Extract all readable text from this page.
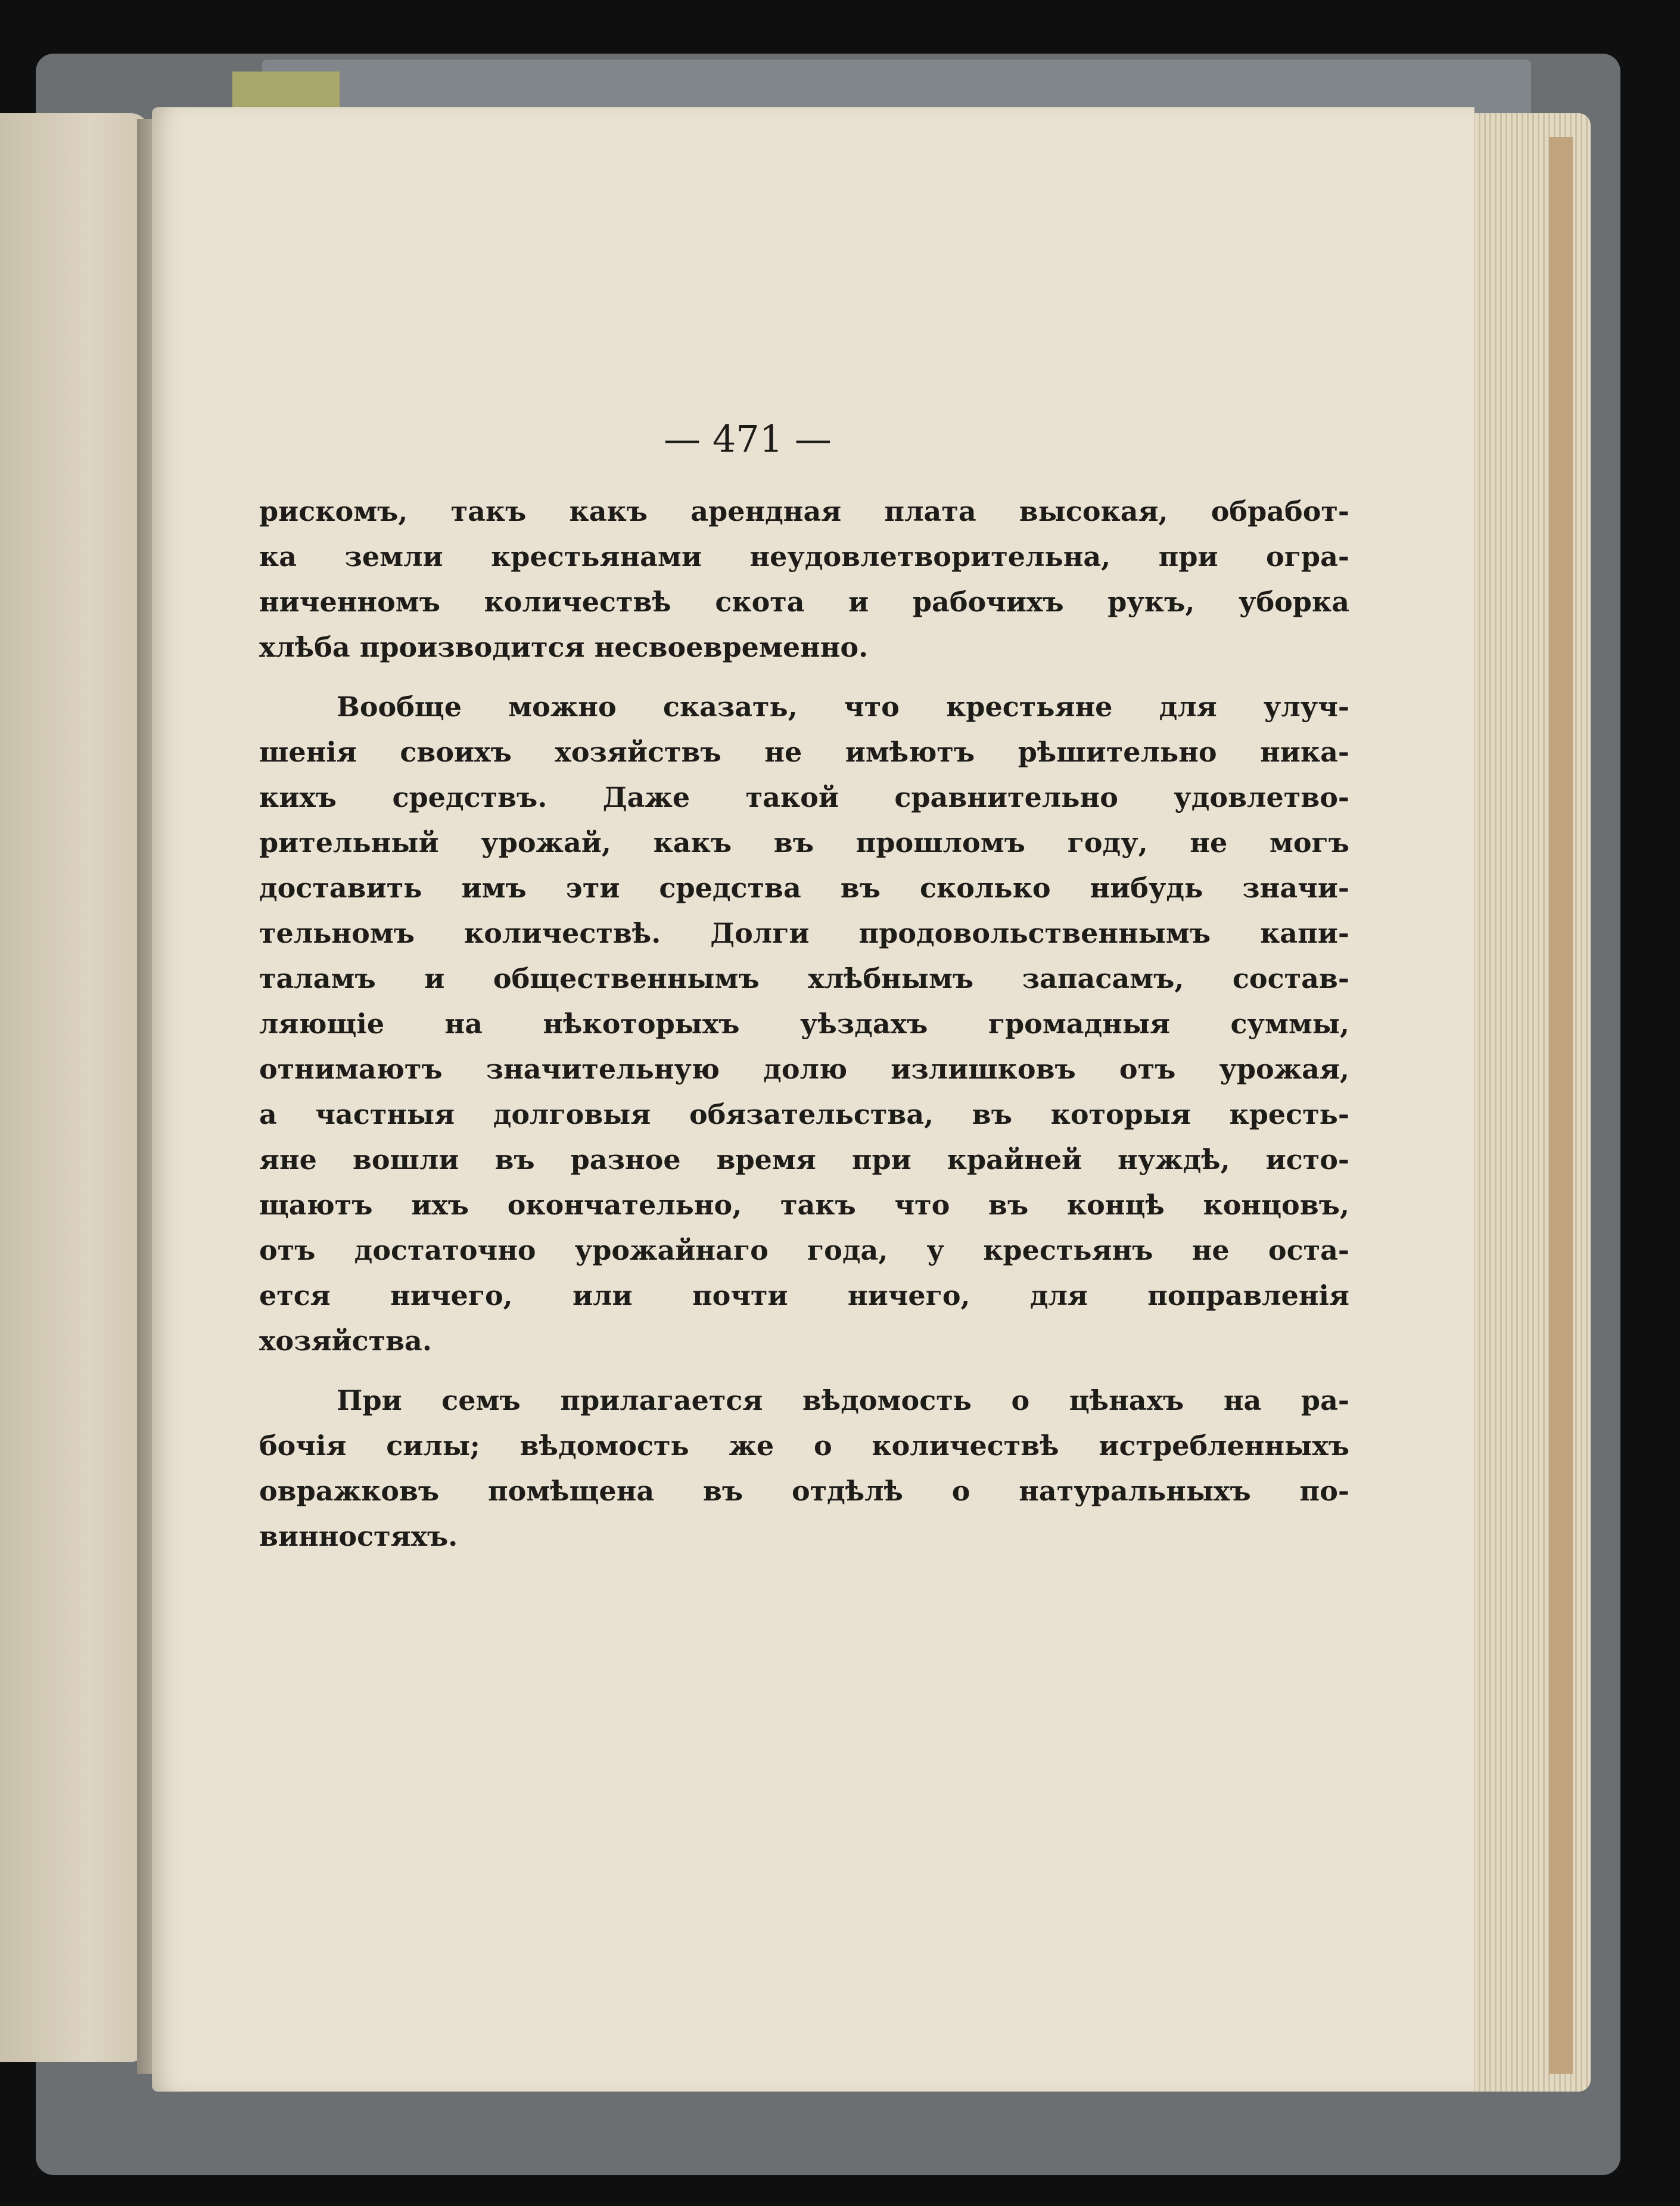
— 471 —
рискомъ, такъ какъ арендная плата высокая, обработ-
ка земли крестьянами неудовлетворительна, при огра-
ниченномъ количествѣ скота и рабочихъ рукъ, уборка
хлѣба производится несвоевременно.
Вообще можно сказать, что крестьяне для улуч-
шенія своихъ хозяйствъ не имѣютъ рѣшительно никa-
кихъ средствъ. Даже такой сравнительно удовлетво-
рительный урожай, какъ въ прошломъ году, не могъ
доставить имъ эти средства въ сколько нибудь значи-
тельномъ количествѣ. Долги продовольственнымъ капи-
таламъ и общественнымъ хлѣбнымъ запасамъ, состав-
ляющіе на нѣкоторыхъ уѣздахъ громадныя суммы,
отнимаютъ значительную долю излишковъ отъ урожая,
а частныя долговыя обязательства, въ которыя кресть-
яне вошли въ разное время при крайней нуждѣ, исто-
щаютъ ихъ окончательно, такъ что въ концѣ концовъ,
отъ достаточно урожайнаго года, у крестьянъ не оста-
ется ничего, или почти ничего, для поправленія
хозяйства.
При семъ прилагается вѣдомость о цѣнахъ на ра-
бочія силы; вѣдомость же о количествѣ истребленныхъ
овражковъ помѣщена въ отдѣлѣ о натуральныхъ по-
винностяхъ.
